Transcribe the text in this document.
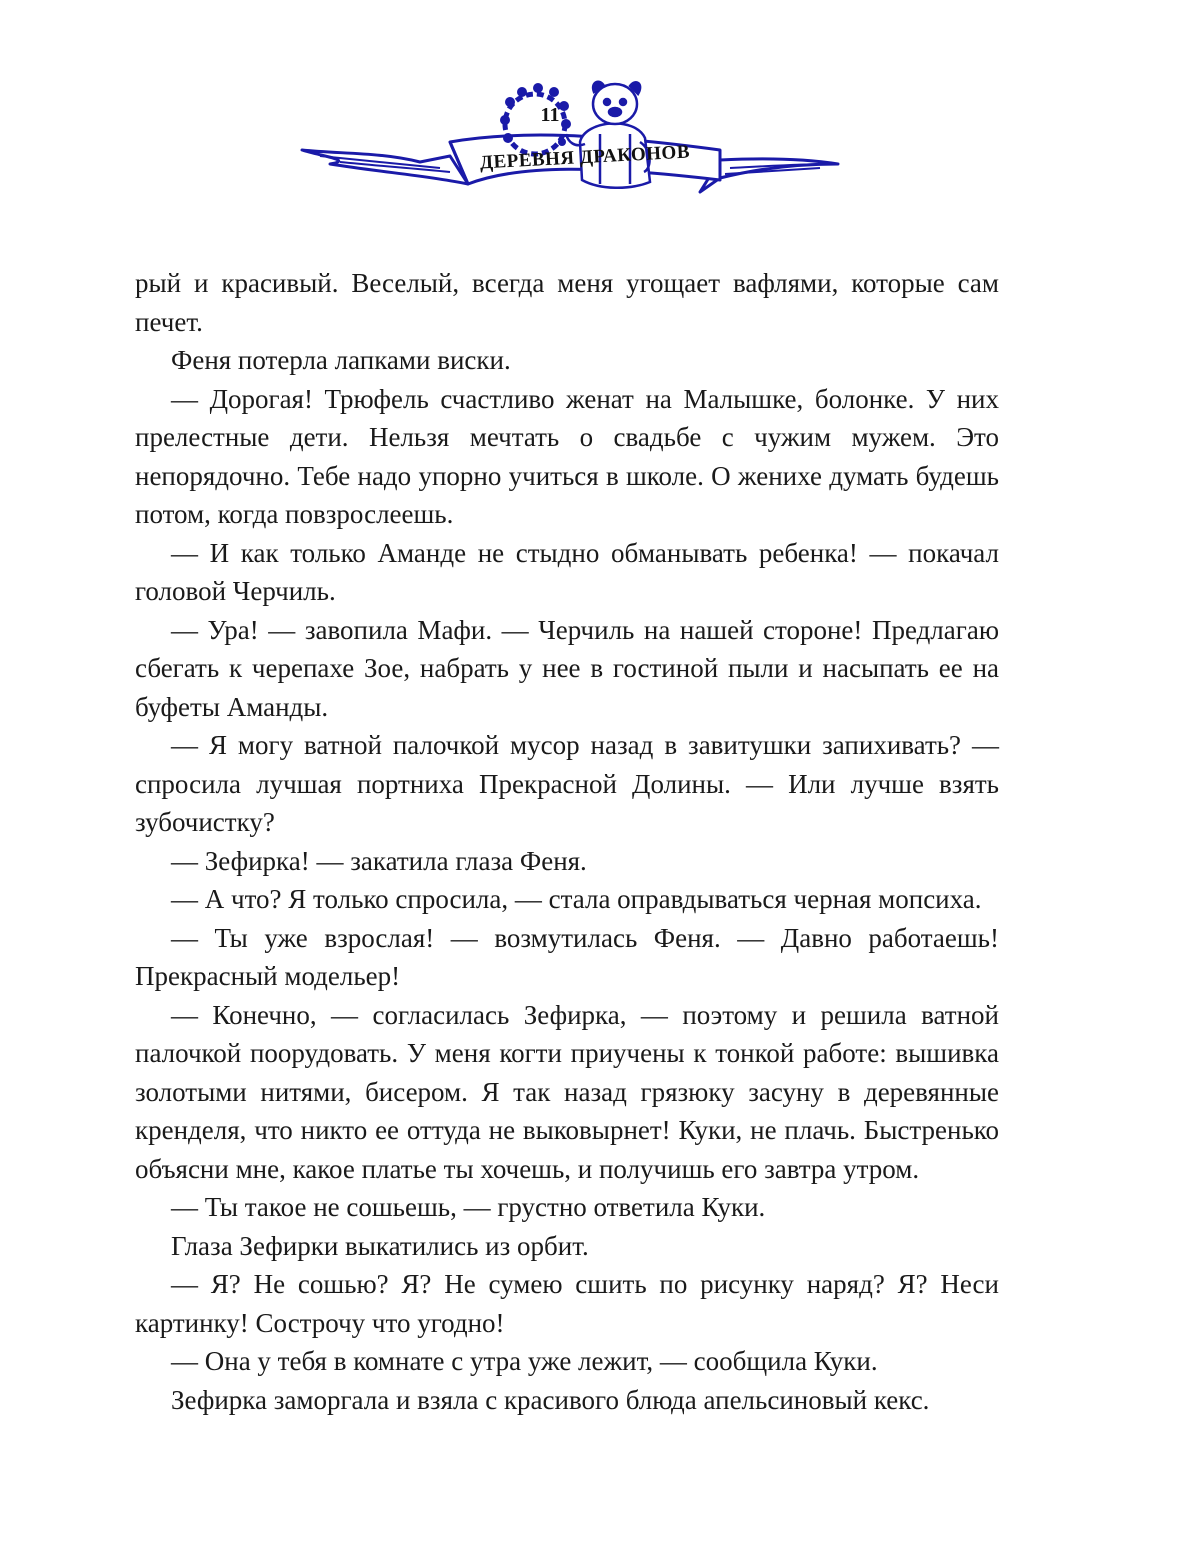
11
ДЕРЕВНЯ ДРАКОНОВ

рый и красивый. Веселый, всегда меня угощает вафлями, которые сам печет.

Феня потерла лапками виски.

— Дорогая! Трюфель счастливо женат на Малышке, болонке. У них прелестные дети. Нельзя мечтать о свадьбе с чужим мужем. Это непорядочно. Тебе надо упорно учиться в школе. О женихе думать будешь потом, когда повзрослеешь.

— И как только Аманде не стыдно обманывать ребенка! — покачал головой Черчиль.

— Ура! — завопила Мафи. — Черчиль на нашей стороне! Предлагаю сбегать к черепахе Зое, набрать у нее в гостиной пыли и насыпать ее на буфеты Аманды.

— Я могу ватной палочкой мусор назад в завитушки запихивать? — спросила лучшая портниха Прекрасной Долины. — Или лучше взять зубочистку?

— Зефирка! — закатила глаза Феня.

— А что? Я только спросила, — стала оправдываться черная мопсиха.

— Ты уже взрослая! — возмутилась Феня. — Давно работаешь! Прекрасный модельер!

— Конечно, — согласилась Зефирка, — поэтому и решила ватной палочкой поорудовать. У меня когти приучены к тонкой работе: вышивка золотыми нитями, бисером. Я так назад грязюку засуну в деревянные кренделя, что никто ее оттуда не выковырнет! Куки, не плачь. Быстренько объясни мне, какое платье ты хочешь, и получишь его завтра утром.

— Ты такое не сошьешь, — грустно ответила Куки.

Глаза Зефирки выкатились из орбит.

— Я? Не сошью? Я? Не сумею сшить по рисунку наряд? Я? Неси картинку! Сострочу что угодно!

— Она у тебя в комнате с утра уже лежит, — сообщила Куки.

Зефирка заморгала и взяла с красивого блюда апельсиновый кекс.
